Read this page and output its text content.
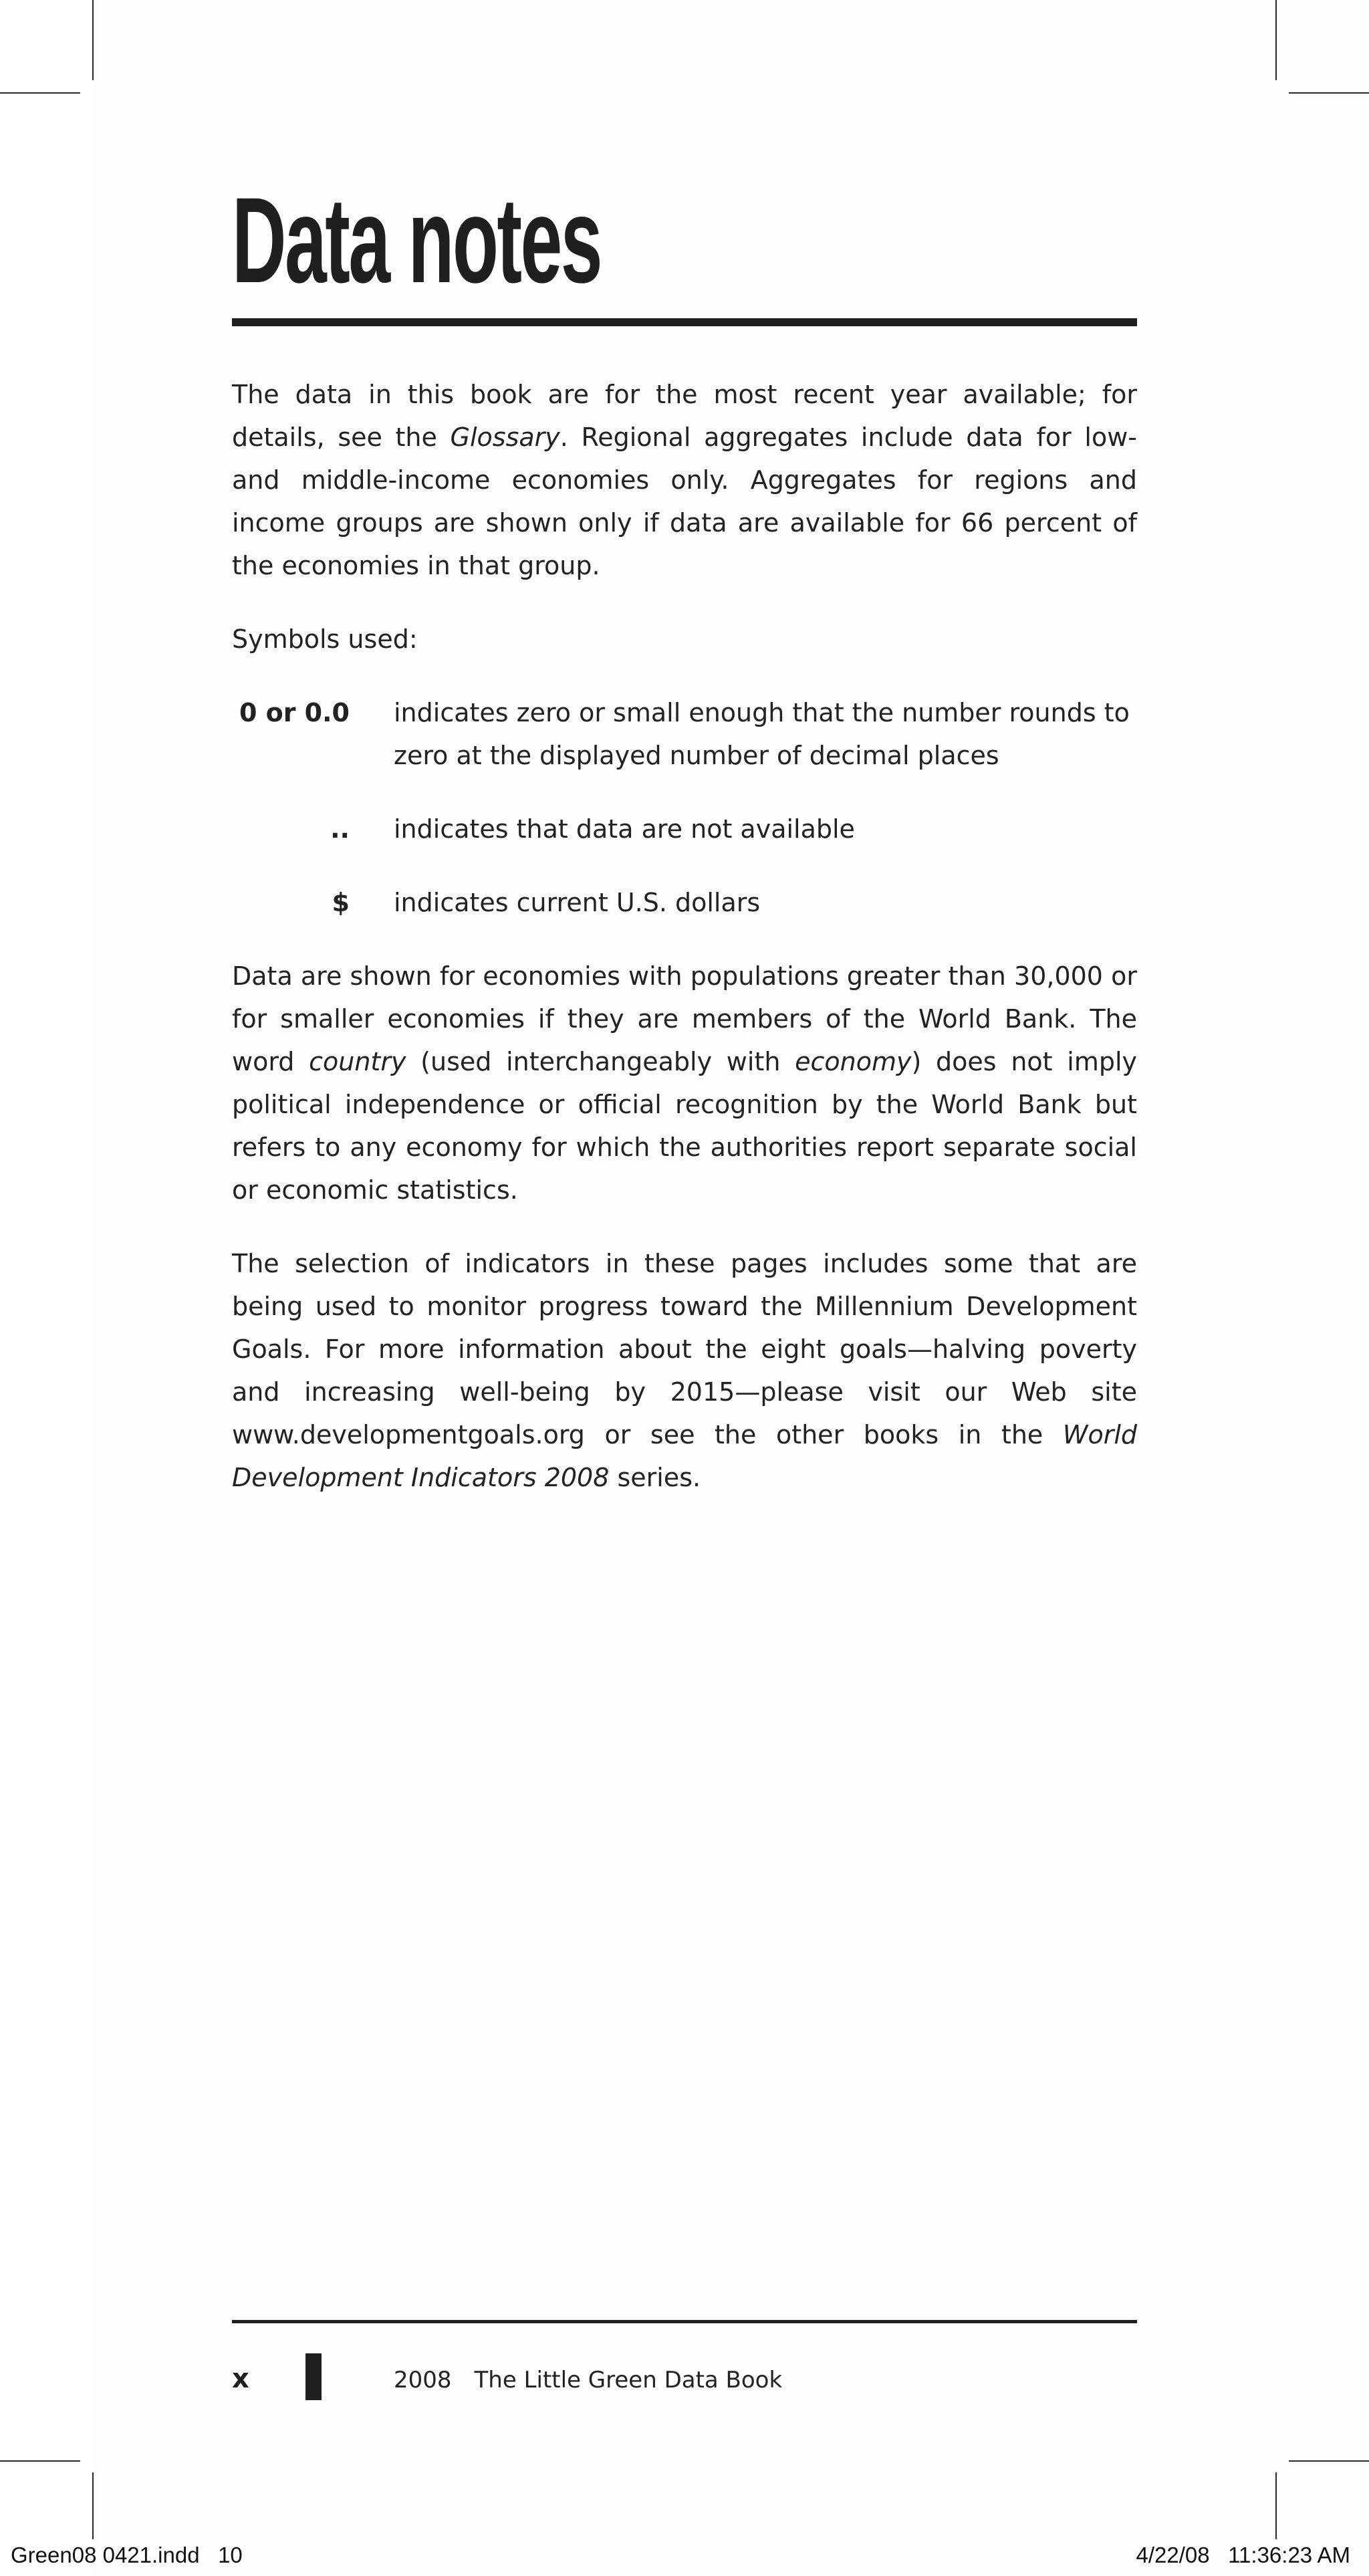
Data notes

The data in this book are for the most recent year available; for details, see the Glossary. Regional aggregates include data for low- and middle-income economies only. Aggregates for regions and income groups are shown only if data are available for 66 percent of the economies in that group.

Symbols used:

0 or 0.0 indicates zero or small enough that the number rounds to zero at the displayed number of decimal places
.. indicates that data are not available
$ indicates current U.S. dollars

Data are shown for economies with populations greater than 30,000 or for smaller economies if they are members of the World Bank. The word country (used interchangeably with economy) does not imply political independence or official recognition by the World Bank but refers to any economy for which the authorities report separate social or economic statistics.

The selection of indicators in these pages includes some that are being used to monitor progress toward the Millennium Development Goals. For more information about the eight goals—halving poverty and increasing well-being by 2015—please visit our Web site www.developmentgoals.org or see the other books in the World Development Indicators 2008 series.

x	2008 The Little Green Data Book
Green08 0421.indd   10	4/22/08   11:36:23 AM
